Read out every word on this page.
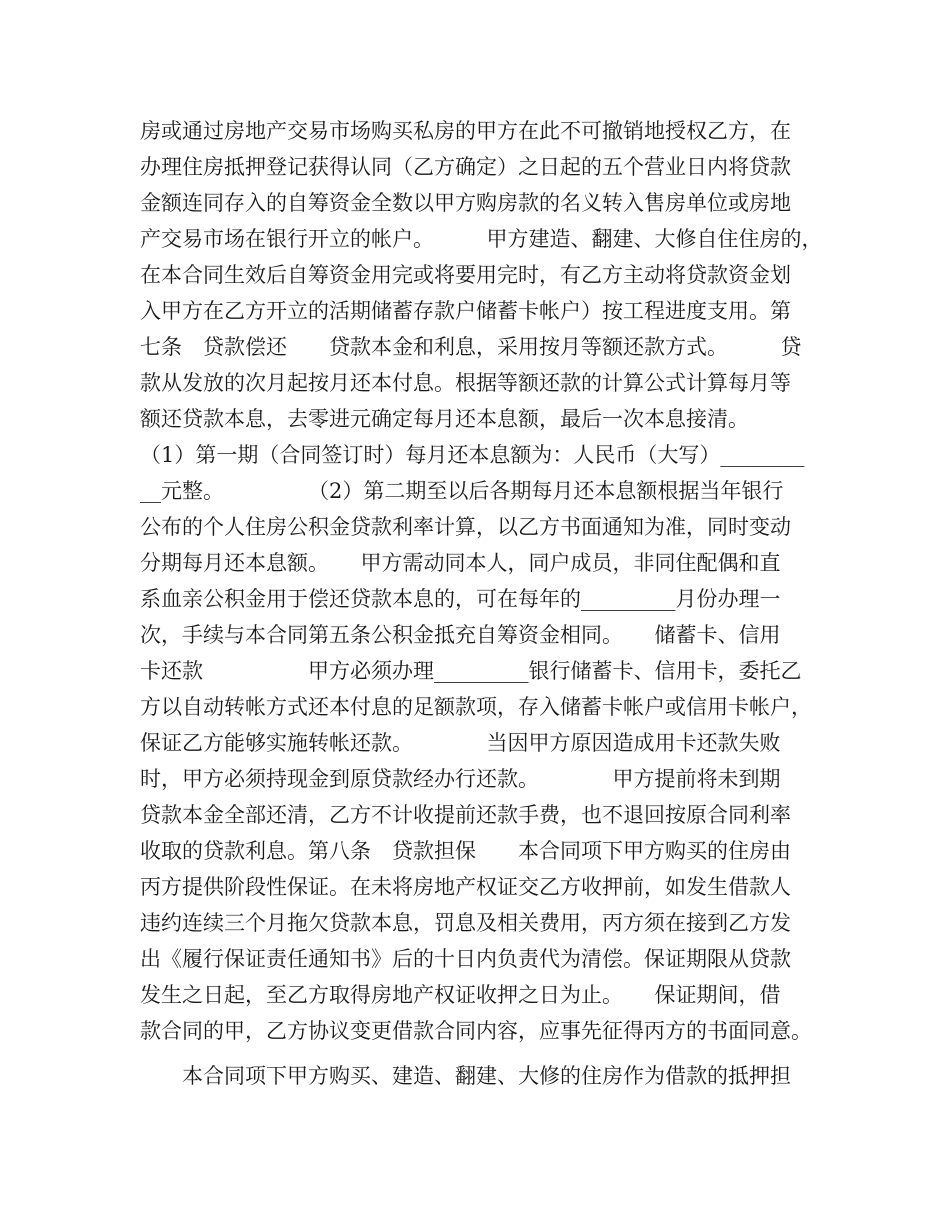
房或通过房地产交易市场购买私房的甲方在此不可撤销地授权乙方，在
办理住房抵押登记获得认同（乙方确定）之日起的五个营业日内将贷款
金额连同存入的自筹资金全数以甲方购房款的名义转入售房单位或房地
产交易市场在银行开立的帐户。　　　甲方建造、翻建、大修自住住房的，
在本合同生效后自筹资金用完或将要用完时，有乙方主动将贷款资金划
入甲方在乙方开立的活期储蓄存款户储蓄卡帐户）按工程进度支用。第
七条　贷款偿还　　贷款本金和利息，采用按月等额还款方式。　　　贷
款从发放的次月起按月还本付息。根据等额还款的计算公式计算每月等
额还贷款本息，去零进元确定每月还本息额，最后一次本息接清。
（1）第一期（合同签订时）每月还本息额为：人民币（大写）________
__元整。　　　　　（2）第二期至以后各期每月还本息额根据当年银行
公布的个人住房公积金贷款利率计算，以乙方书面通知为准，同时变动
分期每月还本息额。　　甲方需动同本人，同户成员，非同住配偶和直
系血亲公积金用于偿还贷款本息的，可在每年的_________月份办理一
次，手续与本合同第五条公积金抵充自筹资金相同。　　储蓄卡、信用
卡还款　　　　　甲方必须办理_________银行储蓄卡、信用卡，委托乙
方以自动转帐方式还本付息的足额款项，存入储蓄卡帐户或信用卡帐户，
保证乙方能够实施转帐还款。　　　　当因甲方原因造成用卡还款失败
时，甲方必须持现金到原贷款经办行还款。　　　　甲方提前将未到期
贷款本金全部还清，乙方不计收提前还款手费，也不退回按原合同利率
收取的贷款利息。第八条　贷款担保　　本合同项下甲方购买的住房由
丙方提供阶段性保证。在未将房地产权证交乙方收押前，如发生借款人
违约连续三个月拖欠贷款本息，罚息及相关费用，丙方须在接到乙方发
出《履行保证责任通知书》后的十日内负责代为清偿。保证期限从贷款
发生之日起，至乙方取得房地产权证收押之日为止。　　保证期间，借
款合同的甲，乙方协议变更借款合同内容，应事先征得丙方的书面同意。
　　本合同项下甲方购买、建造、翻建、大修的住房作为借款的抵押担
